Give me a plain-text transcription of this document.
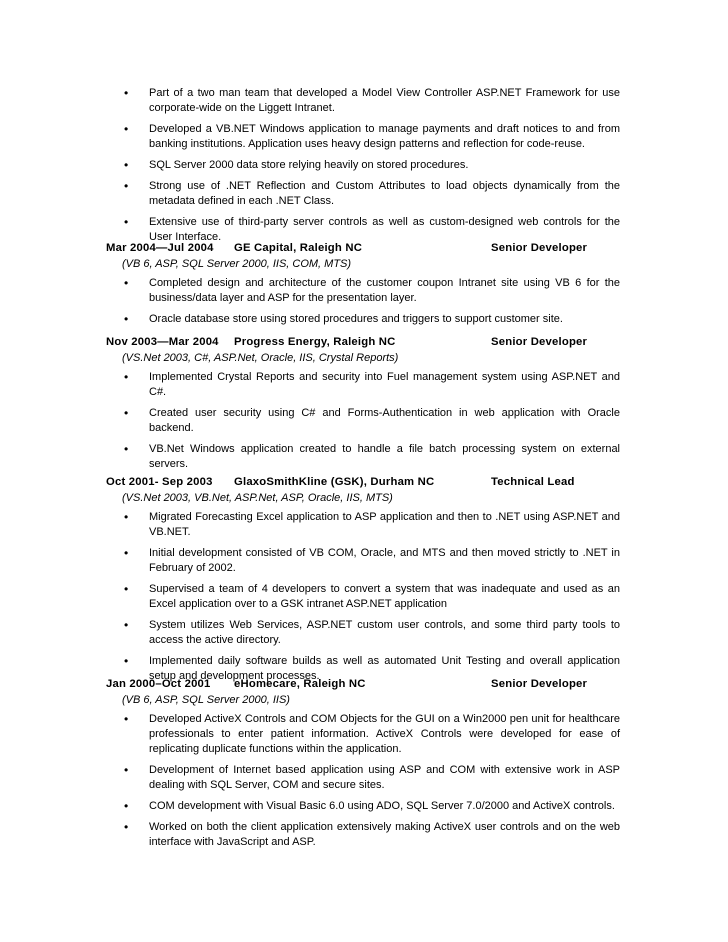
• Part of a two man team that developed a Model View Controller ASP.NET Framework for use corporate-wide on the Liggett Intranet.
• Developed a VB.NET Windows application to manage payments and draft notices to and from banking institutions. Application uses heavy design patterns and reflection for code-reuse.
• SQL Server 2000 data store relying heavily on stored procedures.
• Strong use of .NET Reflection and Custom Attributes to load objects dynamically from the metadata defined in each .NET Class.
• Extensive use of third-party server controls as well as custom-designed web controls for the User Interface.
Mar 2004—Jul 2004 GE Capital, Raleigh NC	Senior Developer
(VB 6, ASP, SQL Server 2000, IIS, COM, MTS)
• Completed design and architecture of the customer coupon Intranet site using VB 6 for the business/data layer and ASP for the presentation layer.
• Oracle database store using stored procedures and triggers to support customer site.
Nov 2003—Mar 2004 Progress Energy, Raleigh NC	Senior Developer
(VS.Net 2003, C#, ASP.Net, Oracle, IIS, Crystal Reports)
• Implemented Crystal Reports and security into Fuel management system using ASP.NET and C#.
• Created user security using C# and Forms-Authentication in web application with Oracle backend.
• VB.Net Windows application created to handle a file batch processing system on external servers.
Oct 2001- Sep 2003 GlaxoSmithKline (GSK), Durham NC	Technical Lead
(VS.Net 2003, VB.Net, ASP.Net, ASP, Oracle, IIS, MTS)
• Migrated Forecasting Excel application to ASP application and then to .NET using ASP.NET and VB.NET.
• Initial development consisted of VB COM, Oracle, and MTS and then moved strictly to .NET in February of 2002.
• Supervised a team of 4 developers to convert a system that was inadequate and used as an Excel application over to a GSK intranet ASP.NET application
• System utilizes Web Services, ASP.NET custom user controls, and some third party tools to access the active directory.
• Implemented daily software builds as well as automated Unit Testing and overall application setup and development processes.
Jan 2000–Oct 2001 eHomecare, Raleigh NC	Senior Developer
(VB 6, ASP, SQL Server 2000, IIS)
• Developed ActiveX Controls and COM Objects for the GUI on a Win2000 pen unit for healthcare professionals to enter patient information. ActiveX Controls were developed for ease of replicating duplicate functions within the application.
• Development of Internet based application using ASP and COM with extensive work in ASP dealing with SQL Server, COM and secure sites.
• COM development with Visual Basic 6.0 using ADO, SQL Server 7.0/2000 and ActiveX controls.
• Worked on both the client application extensively making ActiveX user controls and on the web interface with JavaScript and ASP.
